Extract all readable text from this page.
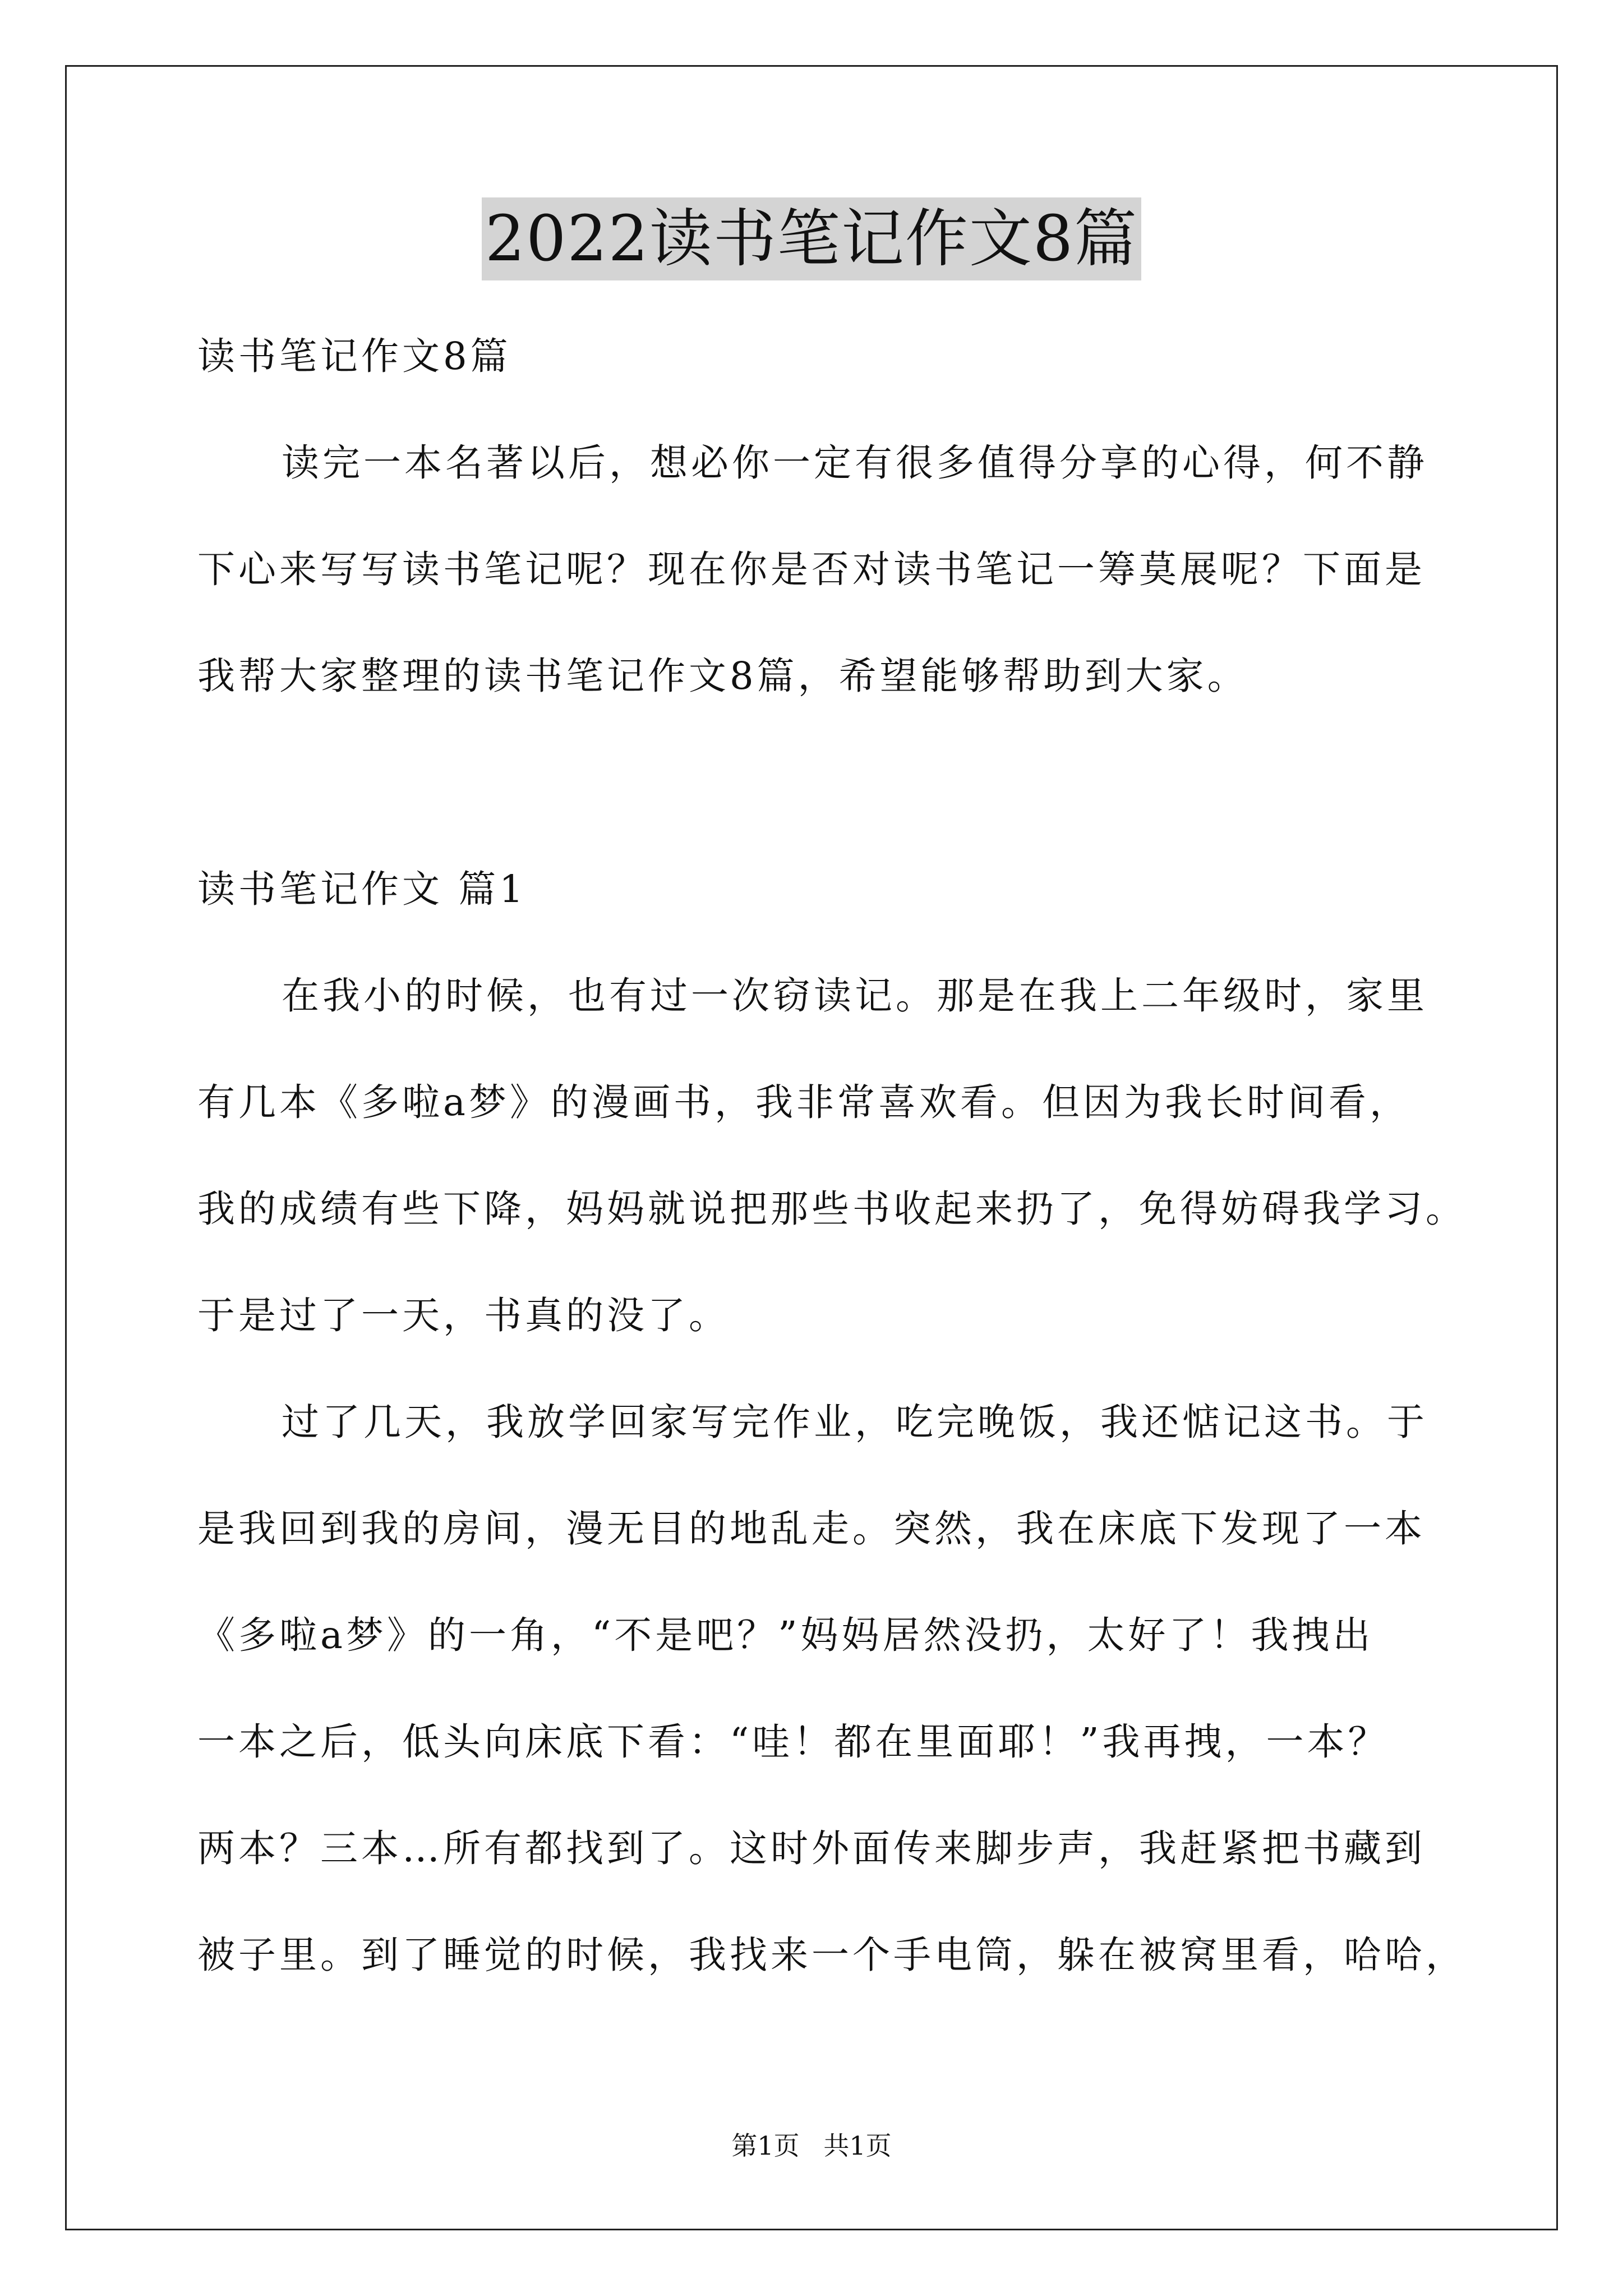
2022读书笔记作文8篇
读书笔记作文8篇
读完一本名著以后，想必你一定有很多值得分享的心得，何不静
下心来写写读书笔记呢？现在你是否对读书笔记一筹莫展呢？下面是
我帮大家整理的读书笔记作文8篇，希望能够帮助到大家。
读书笔记作文 篇1
在我小的时候，也有过一次窃读记。那是在我上二年级时，家里
有几本《多啦a梦》的漫画书，我非常喜欢看。但因为我长时间看，
我的成绩有些下降，妈妈就说把那些书收起来扔了，免得妨碍我学习。
于是过了一天，书真的没了。
过了几天，我放学回家写完作业，吃完晚饭，我还惦记这书。于
是我回到我的房间，漫无目的地乱走。突然，我在床底下发现了一本
《多啦a梦》的一角，“不是吧？”妈妈居然没扔，太好了！我拽出
一本之后，低头向床底下看：“哇！都在里面耶！”我再拽，一本？
两本？三本…所有都找到了。这时外面传来脚步声，我赶紧把书藏到
被子里。到了睡觉的时候，我找来一个手电筒，躲在被窝里看，哈哈，
第1页 共1页
